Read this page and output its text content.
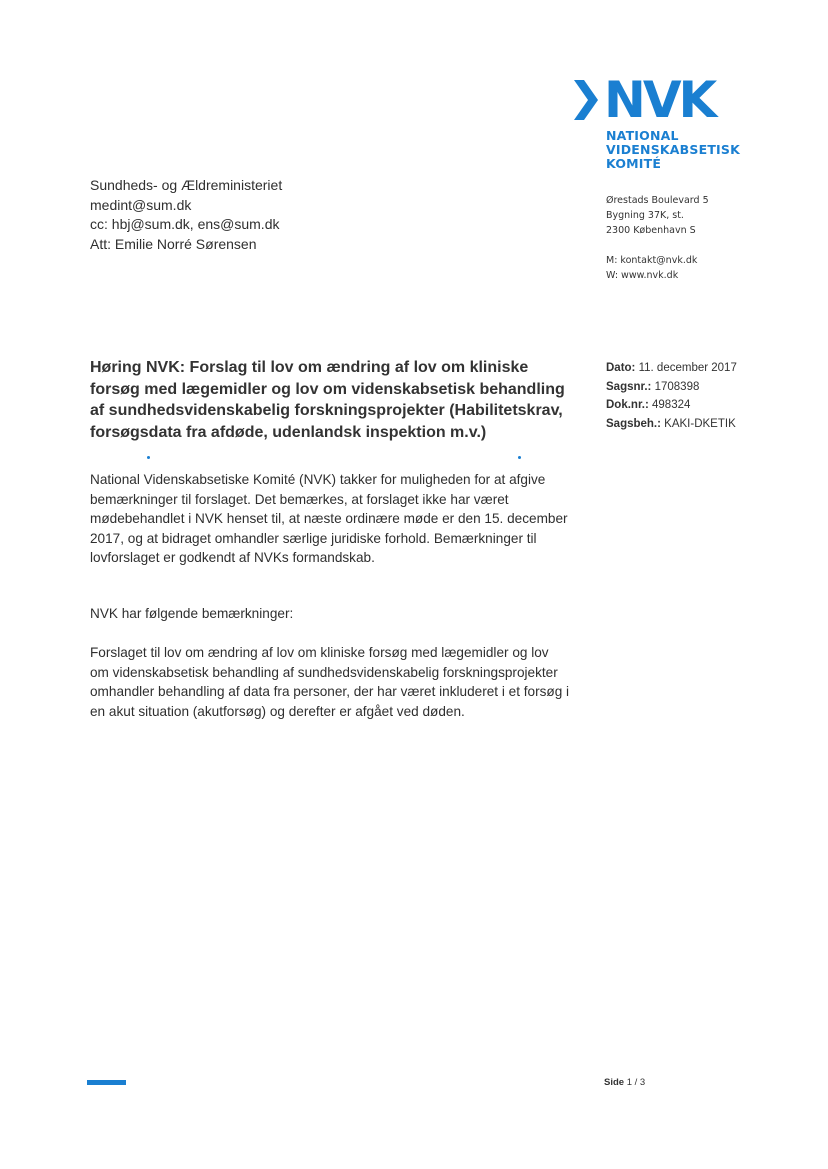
NVK
NATIONAL
VIDENSKABSETISK
KOMITÉ
Ørestads Boulevard 5
Bygning 37K, st.
2300 København S
M: kontakt@nvk.dk
W: www.nvk.dk
Sundheds- og Ældreministeriet
medint@sum.dk
cc: hbj@sum.dk, ens@sum.dk
Att: Emilie Norré Sørensen
Høring NVK: Forslag til lov om ændring af lov om kliniske forsøg med lægemidler og lov om videnskabsetisk behandling af sundhedsvidenskabelig forskningsprojekter (Habilitetskrav, forsøgsdata fra afdøde, udenlandsk inspektion m.v.)
Dato: 11. december 2017
Sagsnr.: 1708398
Dok.nr.: 498324
Sagsbeh.: KAKI-DKETIK
National Videnskabsetiske Komité (NVK) takker for muligheden for at afgive bemærkninger til forslaget. Det bemærkes, at forslaget ikke har været mødebehandlet i NVK henset til, at næste ordinære møde er den 15. december 2017, og at bidraget omhandler særlige juridiske forhold. Bemærkninger til lovforslaget er godkendt af NVKs formandskab.
NVK har følgende bemærkninger:
Forslaget til lov om ændring af lov om kliniske forsøg med lægemidler og lov om videnskabsetisk behandling af sundhedsvidenskabelig forskningsprojekter omhandler behandling af data fra personer, der har været inkluderet i et forsøg i en akut situation (akutforsøg) og derefter er afgået ved døden.
Side 1 / 3
